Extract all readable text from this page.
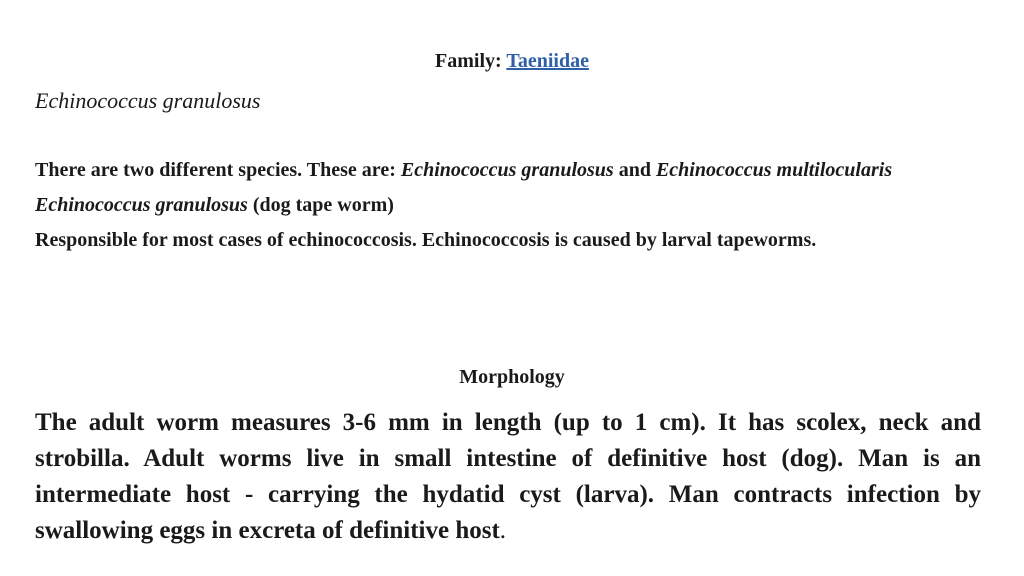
Family: Taeniidae
Echinococcus granulosus
There are two different species. These are: Echinococcus granulosus and Echinococcus multilocularis
Echinococcus granulosus (dog tape worm)
Responsible for most cases of echinococcosis. Echinococcosis is caused by larval tapeworms.
Morphology
The adult worm measures 3-6 mm in length (up to 1 cm). It has scolex, neck and strobilla. Adult worms live in small intestine of definitive host (dog). Man is an intermediate host - carrying the hydatid cyst (larva). Man contracts infection by swallowing eggs in excreta of definitive host.
